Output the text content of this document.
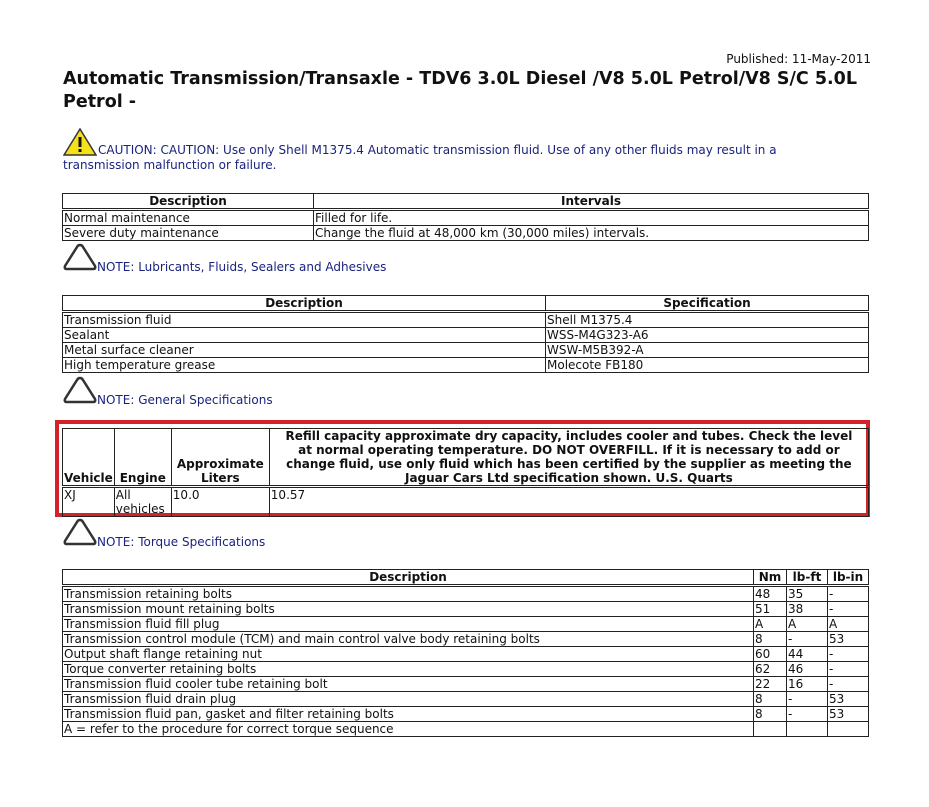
Published: 11-May-2011
Automatic Transmission/Transaxle - TDV6 3.0L Diesel /V8 5.0L Petrol/V8 S/C 5.0L Petrol -
CAUTION: CAUTION: Use only Shell M1375.4 Automatic transmission fluid. Use of any other fluids may result in a transmission malfunction or failure.
Description	Intervals
Normal maintenance	Filled for life.
Severe duty maintenance	Change the fluid at 48,000 km (30,000 miles) intervals.
NOTE: Lubricants, Fluids, Sealers and Adhesives
Description	Specification
Transmission fluid	Shell M1375.4
Sealant	WSS-M4G323-A6
Metal surface cleaner	WSW-M5B392-A
High temperature grease	Molecote FB180
NOTE: General Specifications
Vehicle	Engine	Approximate Liters	Refill capacity approximate dry capacity, includes cooler and tubes. Check the level at normal operating temperature. DO NOT OVERFILL. If it is necessary to add or change fluid, use only fluid which has been certified by the supplier as meeting the Jaguar Cars Ltd specification shown. U.S. Quarts
XJ	All vehicles	10.0	10.57
NOTE: Torque Specifications
Description	Nm	lb-ft	lb-in
Transmission retaining bolts	48	35	-
Transmission mount retaining bolts	51	38	-
Transmission fluid fill plug	A	A	A
Transmission control module (TCM) and main control valve body retaining bolts	8	-	53
Output shaft flange retaining nut	60	44	-
Torque converter retaining bolts	62	46	-
Transmission fluid cooler tube retaining bolt	22	16	-
Transmission fluid drain plug	8	-	53
Transmission fluid pan, gasket and filter retaining bolts	8	-	53
A = refer to the procedure for correct torque sequence			
